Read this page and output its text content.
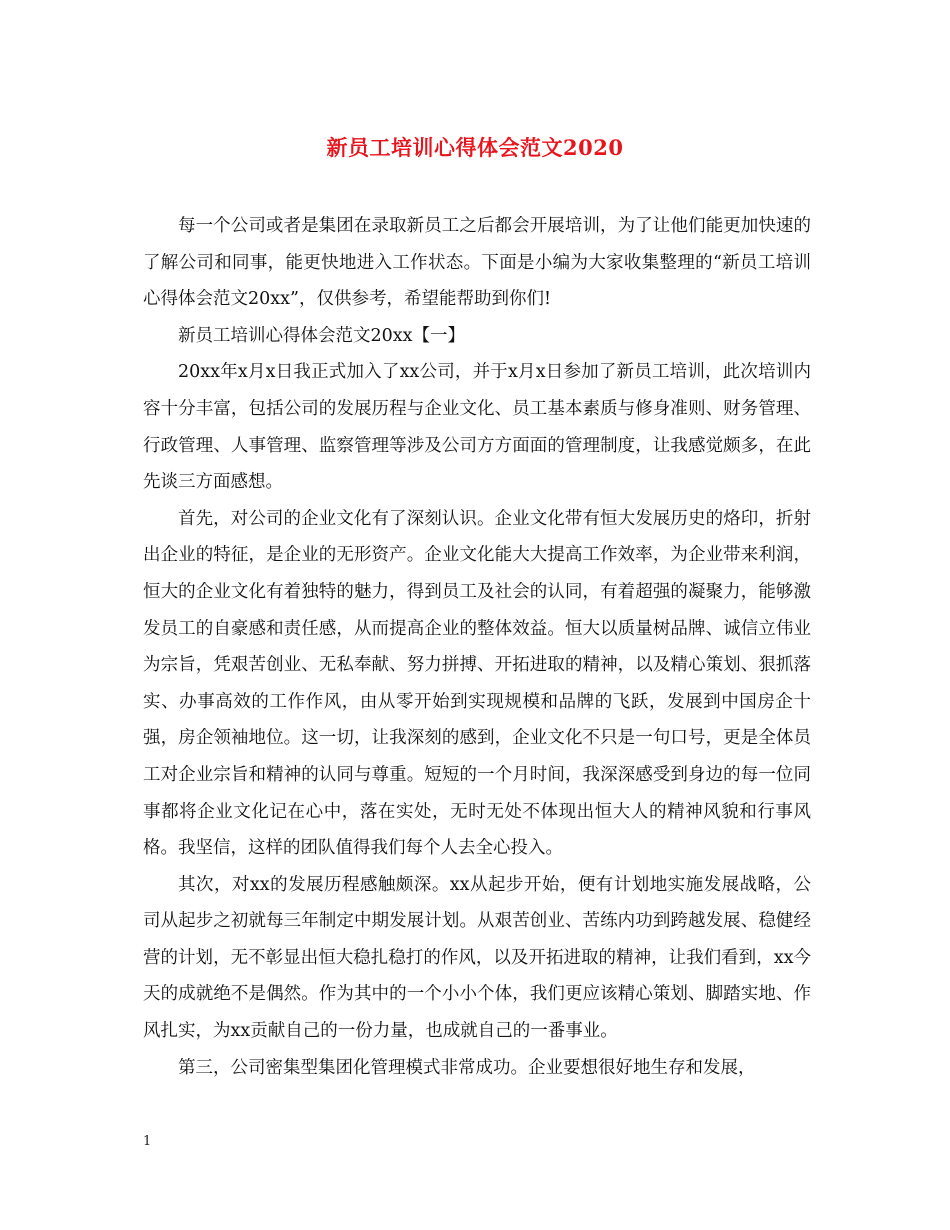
新员工培训心得体会范文2020

每一个公司或者是集团在录取新员工之后都会开展培训，为了让他们能更加快速的了解公司和同事，能更快地进入工作状态。下面是小编为大家收集整理的“新员工培训心得体会范文20xx”，仅供参考，希望能帮助到你们!

新员工培训心得体会范文20xx【一】

20xx年x月x日我正式加入了xx公司，并于x月x日参加了新员工培训，此次培训内容十分丰富，包括公司的发展历程与企业文化、员工基本素质与修身准则、财务管理、行政管理、人事管理、监察管理等涉及公司方方面面的管理制度，让我感觉颇多，在此先谈三方面感想。

首先，对公司的企业文化有了深刻认识。企业文化带有恒大发展历史的烙印，折射出企业的特征，是企业的无形资产。企业文化能大大提高工作效率，为企业带来利润，恒大的企业文化有着独特的魅力，得到员工及社会的认同，有着超强的凝聚力，能够激发员工的自豪感和责任感，从而提高企业的整体效益。恒大以质量树品牌、诚信立伟业为宗旨，凭艰苦创业、无私奉献、努力拼搏、开拓进取的精神，以及精心策划、狠抓落实、办事高效的工作作风，由从零开始到实现规模和品牌的飞跃，发展到中国房企十强，房企领袖地位。这一切，让我深刻的感到，企业文化不只是一句口号，更是全体员工对企业宗旨和精神的认同与尊重。短短的一个月时间，我深深感受到身边的每一位同事都将企业文化记在心中，落在实处，无时无处不体现出恒大人的精神风貌和行事风格。我坚信，这样的团队值得我们每个人去全心投入。

其次，对xx的发展历程感触颇深。xx从起步开始，便有计划地实施发展战略，公司从起步之初就每三年制定中期发展计划。从艰苦创业、苦练内功到跨越发展、稳健经营的计划，无不彰显出恒大稳扎稳打的作风，以及开拓进取的精神，让我们看到，xx今天的成就绝不是偶然。作为其中的一个小小个体，我们更应该精心策划、脚踏实地、作风扎实，为xx贡献自己的一份力量，也成就自己的一番事业。

第三，公司密集型集团化管理模式非常成功。企业要想很好地生存和发展，

1
